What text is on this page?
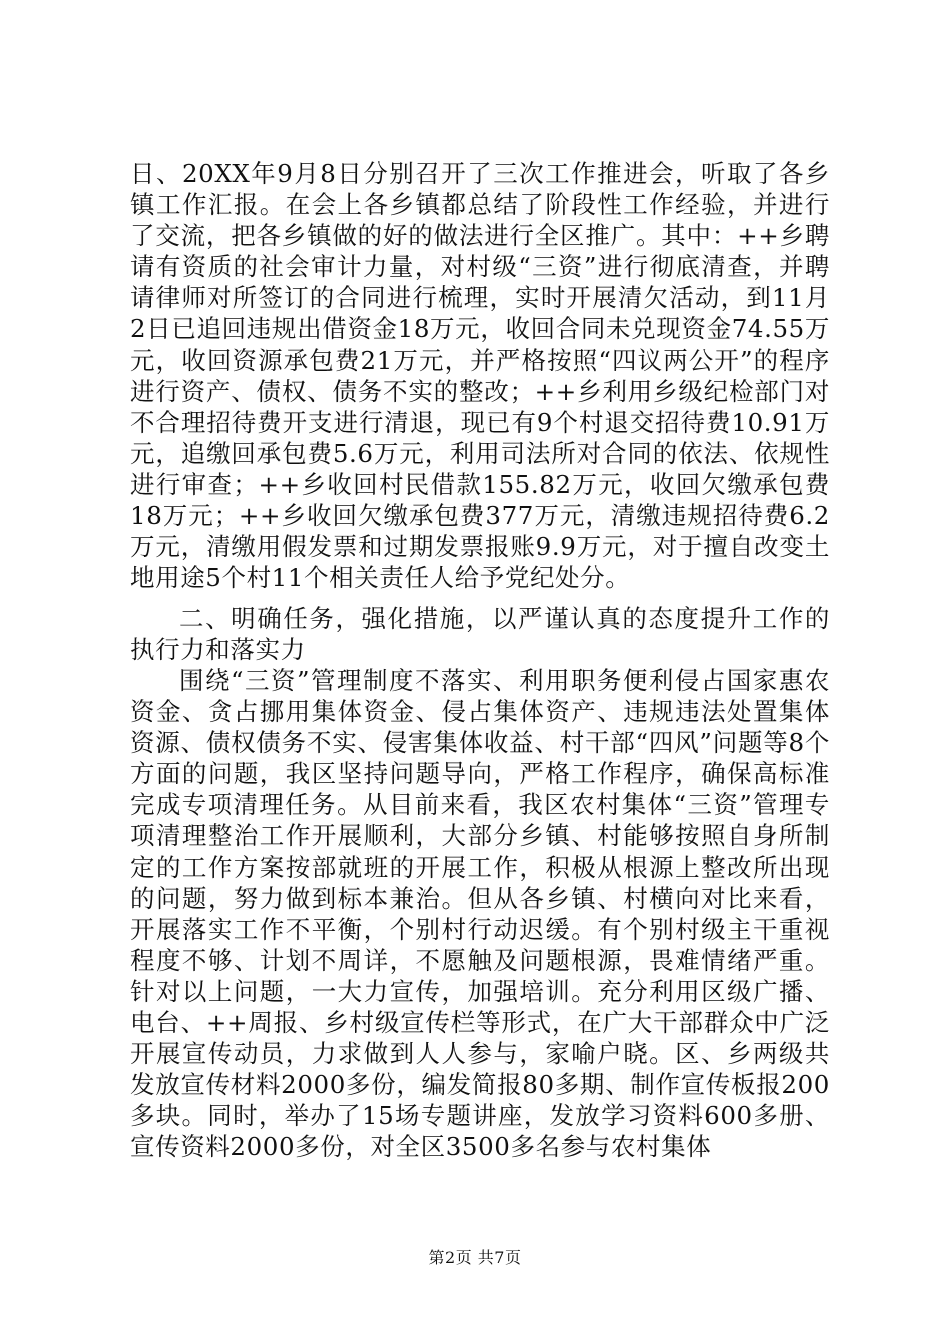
日、20XX年9月8日分别召开了三次工作推进会，听取了各乡镇工作汇报。在会上各乡镇都总结了阶段性工作经验，并进行了交流，把各乡镇做的好的做法进行全区推广。其中：++乡聘请有资质的社会审计力量，对村级“三资”进行彻底清查，并聘请律师对所签订的合同进行梳理，实时开展清欠活动，到11月2日已追回违规出借资金18万元，收回合同未兑现资金74.55万元，收回资源承包费21万元，并严格按照“四议两公开”的程序进行资产、债权、债务不实的整改；++乡利用乡级纪检部门对不合理招待费开支进行清退，现已有9个村退交招待费10.91万元，追缴回承包费5.6万元，利用司法所对合同的依法、依规性进行审查；++乡收回村民借款155.82万元，收回欠缴承包费18万元；++乡收回欠缴承包费377万元，清缴违规招待费6.2万元，清缴用假发票和过期发票报账9.9万元，对于擅自改变土地用途5个村11个相关责任人给予党纪处分。

二、明确任务，强化措施，以严谨认真的态度提升工作的执行力和落实力

围绕“三资”管理制度不落实、利用职务便利侵占国家惠农资金、贪占挪用集体资金、侵占集体资产、违规违法处置集体资源、债权债务不实、侵害集体收益、村干部“四风”问题等8个方面的问题，我区坚持问题导向，严格工作程序，确保高标准完成专项清理任务。从目前来看，我区农村集体“三资”管理专项清理整治工作开展顺利，大部分乡镇、村能够按照自身所制定的工作方案按部就班的开展工作，积极从根源上整改所出现的问题，努力做到标本兼治。但从各乡镇、村横向对比来看，开展落实工作不平衡，个别村行动迟缓。有个别村级主干重视程度不够、计划不周详，不愿触及问题根源，畏难情绪严重。针对以上问题，一大力宣传，加强培训。充分利用区级广播、电台、++周报、乡村级宣传栏等形式，在广大干部群众中广泛开展宣传动员，力求做到人人参与，家喻户晓。区、乡两级共发放宣传材料2000多份，编发简报80多期、制作宣传板报200多块。同时，举办了15场专题讲座，发放学习资料600多册、宣传资料2000多份，对全区3500多名参与农村集体

第2页 共7页
